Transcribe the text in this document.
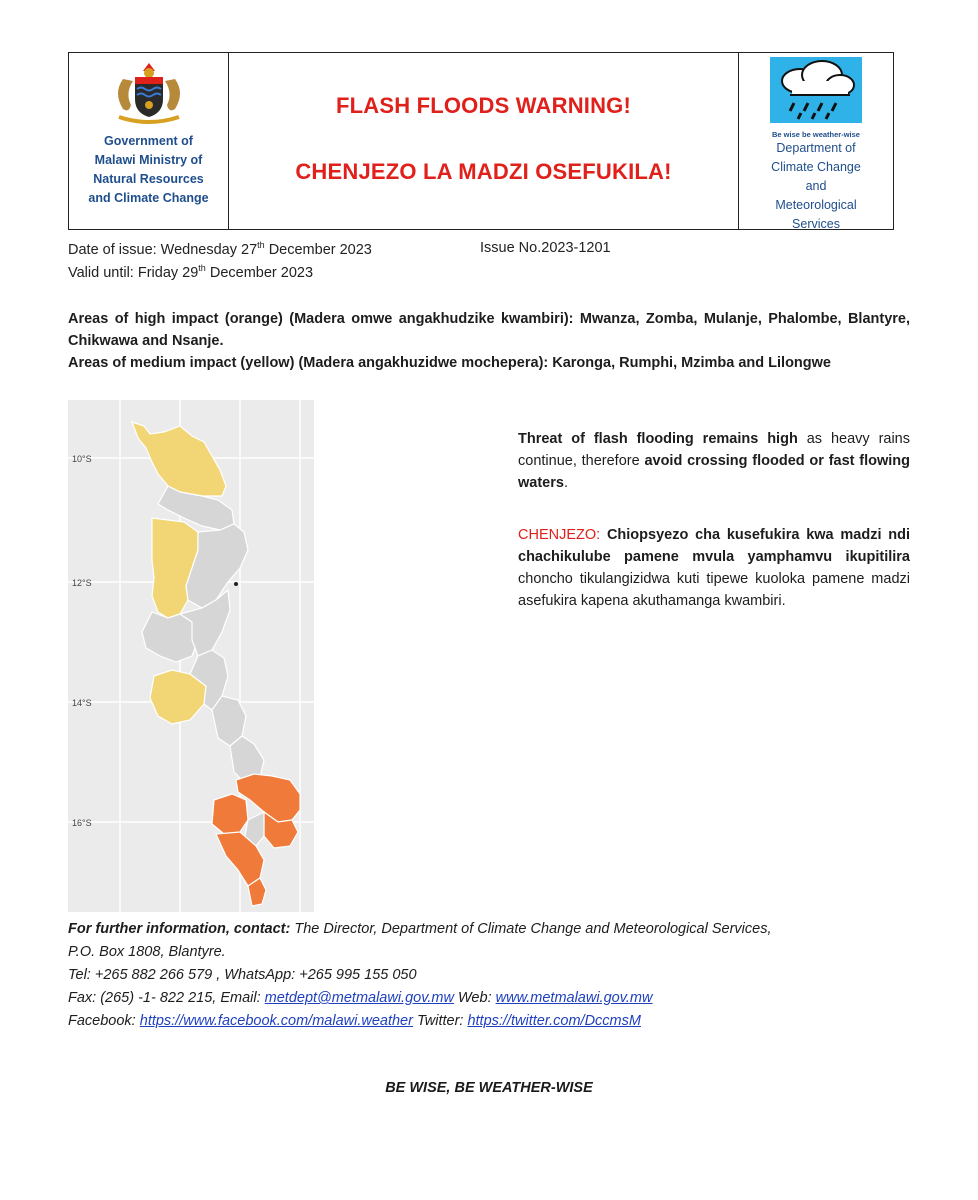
Government of
Malawi Ministry of
Natural Resources
and Climate Change
FLASH FLOODS WARNING!
CHENJEZO LA MADZI OSEFUKILA!
Be wise be weather-wise
Department of
Climate Change
and
Meteorological
Services
Date of issue: Wednesday 27th December 2023	Issue No.2023-1201
Valid until: Friday 29th December 2023
Areas of high impact (orange) (Madera omwe angakhudzike kwambiri): Mwanza, Zomba, Mulanje, Phalombe, Blantyre, Chikwawa and Nsanje.
Areas of medium impact (yellow) (Madera angakhuzidwe mochepera): Karonga, Rumphi, Mzimba and Lilongwe
10°S
12°S
14°S
16°S
Threat of flash flooding remains high as heavy rains continue, therefore avoid crossing flooded or fast flowing waters.
CHENJEZO: Chiopsyezo cha kusefukira kwa madzi ndi chachikulube pamene mvula yamphamvu ikupitilira choncho tikulangizidwa kuti tipewe kuoloka pamene madzi asefukira kapena akuthamanga kwambiri.
For further information, contact: The Director, Department of Climate Change and Meteorological Services,
P.O. Box 1808, Blantyre.
Tel: +265 882 266 579 , WhatsApp: +265 995 155 050
Fax: (265) -1- 822 215, Email: metdept@metmalawi.gov.mw Web: www.metmalawi.gov.mw
Facebook: https://www.facebook.com/malawi.weather Twitter: https://twitter.com/DccmsM
BE WISE, BE WEATHER-WISE
